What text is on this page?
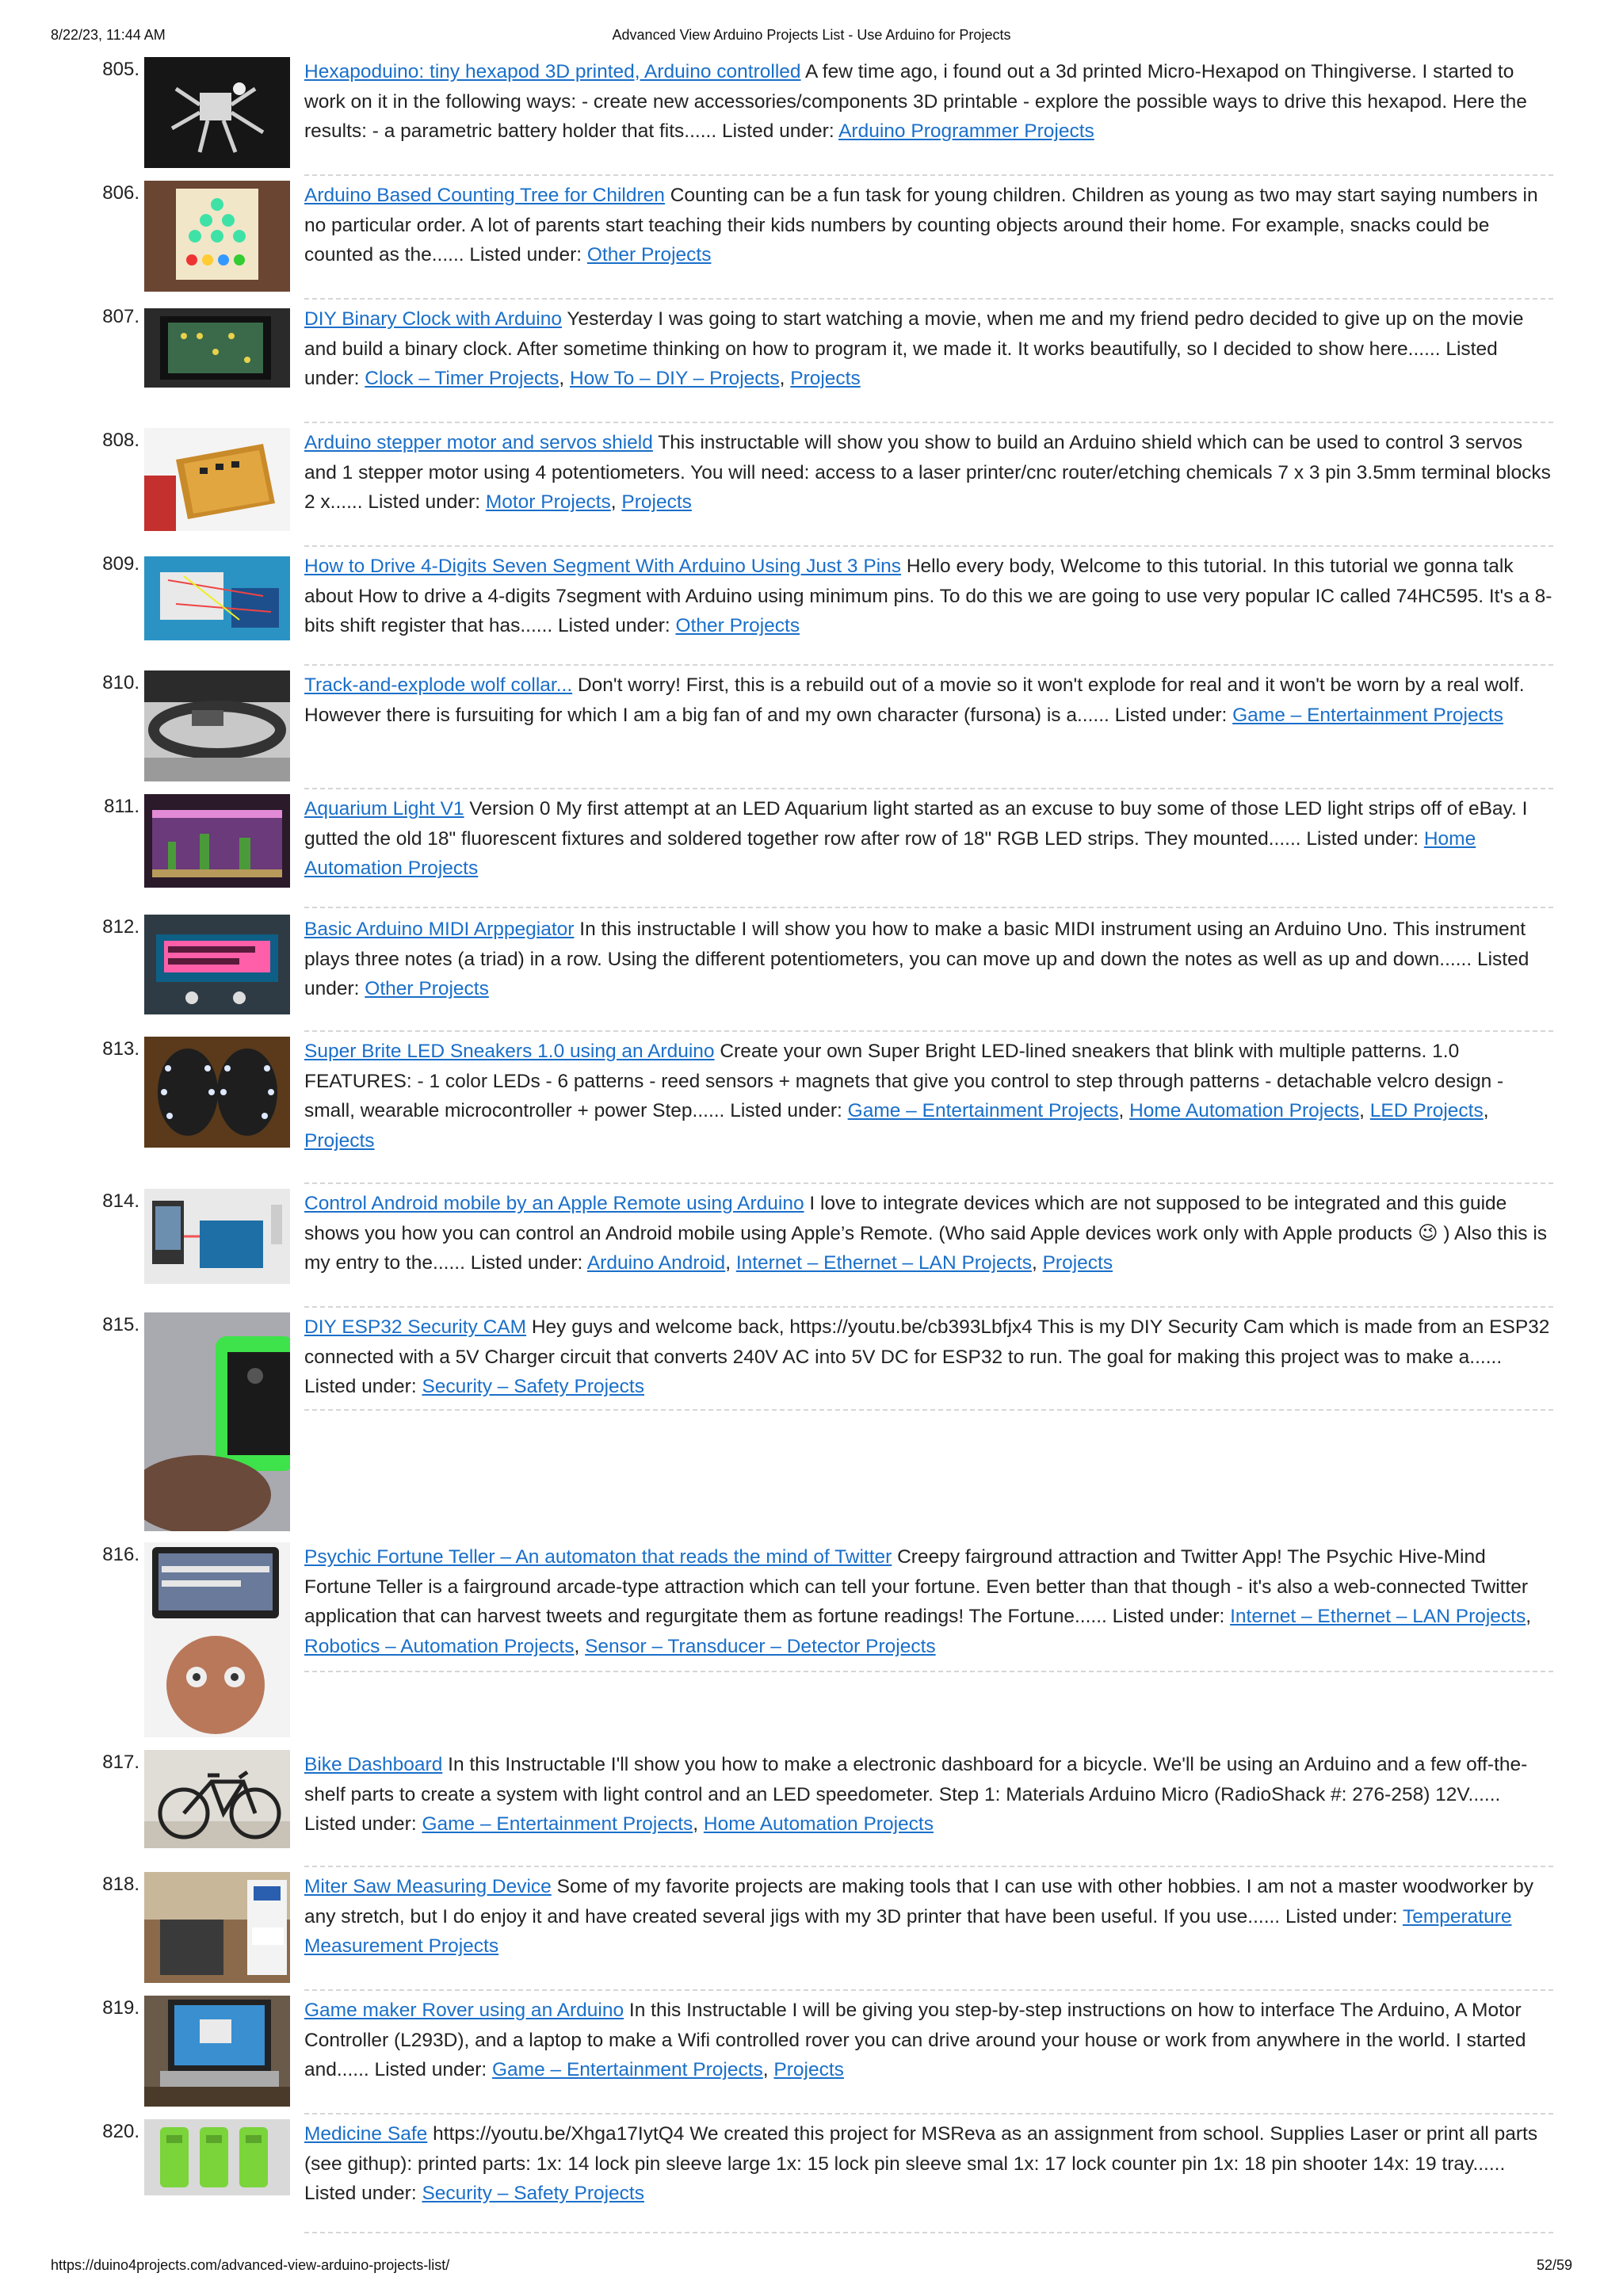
8/22/23, 11:44 AM	Advanced View Arduino Projects List - Use Arduino for Projects
805.	Hexapoduino: tiny hexapod 3D printed, Arduino controlled A few time ago, i found out a 3d printed Micro-Hexapod on Thingiverse. I started to work on it in the following ways: - create new accessories/components 3D printable - explore the possible ways to drive this hexapod. Here the results: - a parametric battery holder that fits...... Listed under: Arduino Programmer Projects
806.	Arduino Based Counting Tree for Children Counting can be a fun task for young children. Children as young as two may start saying numbers in no particular order. A lot of parents start teaching their kids numbers by counting objects around their home. For example, snacks could be counted as the...... Listed under: Other Projects
807.	DIY Binary Clock with Arduino Yesterday I was going to start watching a movie, when me and my friend pedro decided to give up on the movie and build a binary clock. After sometime thinking on how to program it, we made it. It works beautifully, so I decided to show here...... Listed under: Clock – Timer Projects, How To – DIY – Projects, Projects
808.	Arduino stepper motor and servos shield This instructable will show you show to build an Arduino shield which can be used to control 3 servos and 1 stepper motor using 4 potentiometers. You will need: access to a laser printer/cnc router/etching chemicals 7 x 3 pin 3.5mm terminal blocks 2 x...... Listed under: Motor Projects, Projects
809.	How to Drive 4-Digits Seven Segment With Arduino Using Just 3 Pins Hello every body, Welcome to this tutorial. In this tutorial we gonna talk about How to drive a 4-digits 7segment with Arduino using minimum pins. To do this we are going to use very popular IC called 74HC595. It's a 8-bits shift register that has...... Listed under: Other Projects
810.	Track-and-explode wolf collar... Don't worry! First, this is a rebuild out of a movie so it won't explode for real and it won't be worn by a real wolf. However there is fursuiting for which I am a big fan of and my own character (fursona) is a...... Listed under: Game – Entertainment Projects
811.	Aquarium Light V1 Version 0 My first attempt at an LED Aquarium light started as an excuse to buy some of those LED light strips off of eBay. I gutted the old 18" fluorescent fixtures and soldered together row after row of 18" RGB LED strips. They mounted...... Listed under: Home Automation Projects
812.	Basic Arduino MIDI Arppegiator In this instructable I will show you how to make a basic MIDI instrument using an Arduino Uno. This instrument plays three notes (a triad) in a row. Using the different potentiometers, you can move up and down the notes as well as up and down...... Listed under: Other Projects
813.	Super Brite LED Sneakers 1.0 using an Arduino Create your own Super Bright LED-lined sneakers that blink with multiple patterns. 1.0 FEATURES: - 1 color LEDs - 6 patterns - reed sensors + magnets that give you control to step through patterns - detachable velcro design - small, wearable microcontroller + power Step...... Listed under: Game – Entertainment Projects, Home Automation Projects, LED Projects, Projects
814.	Control Android mobile by an Apple Remote using Arduino I love to integrate devices which are not supposed to be integrated and this guide shows you how you can control an Android mobile using Apple’s Remote. (Who said Apple devices work only with Apple products 😉 ) Also this is my entry to the...... Listed under: Arduino Android, Internet – Ethernet – LAN Projects, Projects
815.	DIY ESP32 Security CAM Hey guys and welcome back, https://youtu.be/cb393Lbfjx4 This is my DIY Security Cam which is made from an ESP32 connected with a 5V Charger circuit that converts 240V AC into 5V DC for ESP32 to run. The goal for making this project was to make a...... Listed under: Security – Safety Projects
816.	Psychic Fortune Teller – An automaton that reads the mind of Twitter Creepy fairground attraction and Twitter App! The Psychic Hive-Mind Fortune Teller is a fairground arcade-type attraction which can tell your fortune. Even better than that though - it's also a web-connected Twitter application that can harvest tweets and regurgitate them as fortune readings! The Fortune...... Listed under: Internet – Ethernet – LAN Projects, Robotics – Automation Projects, Sensor – Transducer – Detector Projects
817.	Bike Dashboard In this Instructable I'll show you how to make a electronic dashboard for a bicycle. We'll be using an Arduino and a few off-the-shelf parts to create a system with light control and an LED speedometer. Step 1: Materials Arduino Micro (RadioShack #: 276-258) 12V...... Listed under: Game – Entertainment Projects, Home Automation Projects
818.	Miter Saw Measuring Device Some of my favorite projects are making tools that I can use with other hobbies. I am not a master woodworker by any stretch, but I do enjoy it and have created several jigs with my 3D printer that have been useful. If you use...... Listed under: Temperature Measurement Projects
819.	Game maker Rover using an Arduino In this Instructable I will be giving you step-by-step instructions on how to interface The Arduino, A Motor Controller (L293D), and a laptop to make a Wifi controlled rover you can drive around your house or work from anywhere in the world. I started and...... Listed under: Game – Entertainment Projects, Projects
820.	Medicine Safe https://youtu.be/Xhga17IytQ4 We created this project for MSReva as an assignment from school. Supplies Laser or print all parts (see githup): printed parts: 1x: 14 lock pin sleeve large 1x: 15 lock pin sleeve smal 1x: 17 lock counter pin 1x: 18 pin shooter 14x: 19 tray...... Listed under: Security – Safety Projects
https://duino4projects.com/advanced-view-arduino-projects-list/	52/59
